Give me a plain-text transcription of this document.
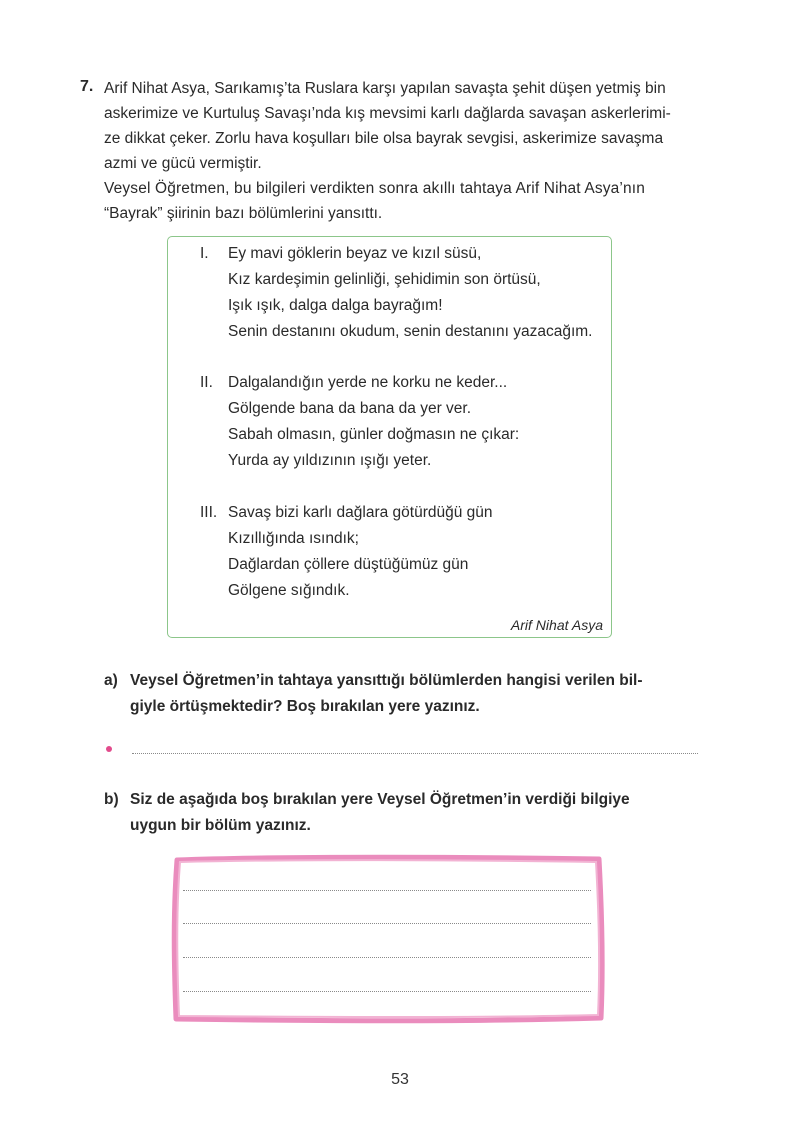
7. Arif Nihat Asya, Sarıkamış’ta Ruslara karşı yapılan savaşta şehit düşen yetmiş bin

askerimize ve Kurtuluş Savaşı’nda kış mevsimi karlı dağlarda savaşan askerlerimi-

ze dikkat çeker. Zorlu hava koşulları bile olsa bayrak sevgisi, askerimize savaşma

azmi ve gücü vermiştir.

Veysel Öğretmen, bu bilgileri verdikten sonra akıllı tahtaya Arif Nihat Asya’nın

“Bayrak” şiirinin bazı bölümlerini yansıttı.

I.	Ey mavi göklerin beyaz ve kızıl süsü,
Kız kardeşimin gelinliği, şehidimin son örtüsü,
Işık ışık, dalga dalga bayrağım!
Senin destanını okudum, senin destanını yazacağım.
II. Dalgalandığın yerde ne korku ne keder...
Gölgende bana da bana da yer ver.
Sabah olmasın, günler doğmasın ne çıkar:
Yurda ay yıldızının ışığı yeter.
III. Savaş bizi karlı dağlara götürdüğü gün
Kızıllığında ısındık;
Dağlardan çöllere düştüğümüz gün
Gölgene sığındık.
Arif Nihat Asya
a) Veysel Öğretmen’in tahtaya yansıttığı bölümlerden hangisi verilen bil-
giyle örtüşmektedir? Boş bırakılan yere yazınız.
b) Siz de aşağıda boş bırakılan yere Veysel Öğretmen’in verdiği bilgiye
uygun bir bölüm yazınız.
53
